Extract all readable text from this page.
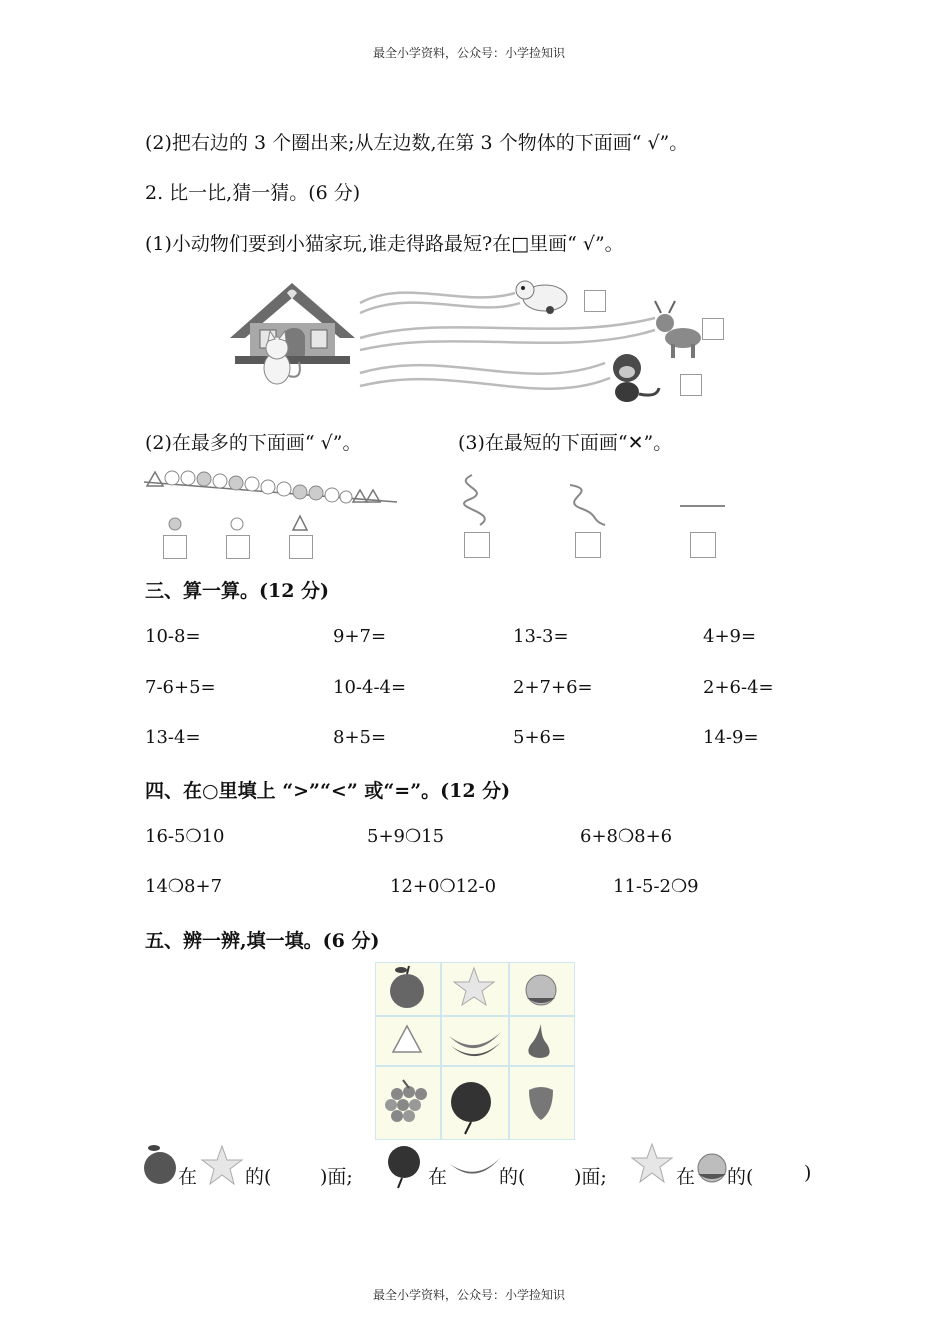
最全小学资料，公众号：小学捡知识
最全小学资料，公众号：小学捡知识
(2)把右边的 3 个圈出来;从左边数,在第 3 个物体的下面画“ √”。
2. 比一比,猜一猜。(6 分)
(1)小动物们要到小猫家玩,谁走得路最短?在□里画“ √”。
(2)在最多的下面画“ √”。	(3)在最短的下面画“✕”。
三、算一算。(12 分)
10-8=	9+7=	13-3=	4+9=
7-6+5=	10-4-4=	2+7+6=	2+6-4=
13-4=	8+5=	5+6=	14-9=
四、在○里填上 “>”“<” 或“=”。(12 分)
16-5❍10	5+9❍15	6+8❍8+6
14❍8+7	12+0❍12-0	11-5-2❍9
五、辨一辨,填一填。(6 分)
在	的(	)面;	在	的(	)面;	在 的(	)
